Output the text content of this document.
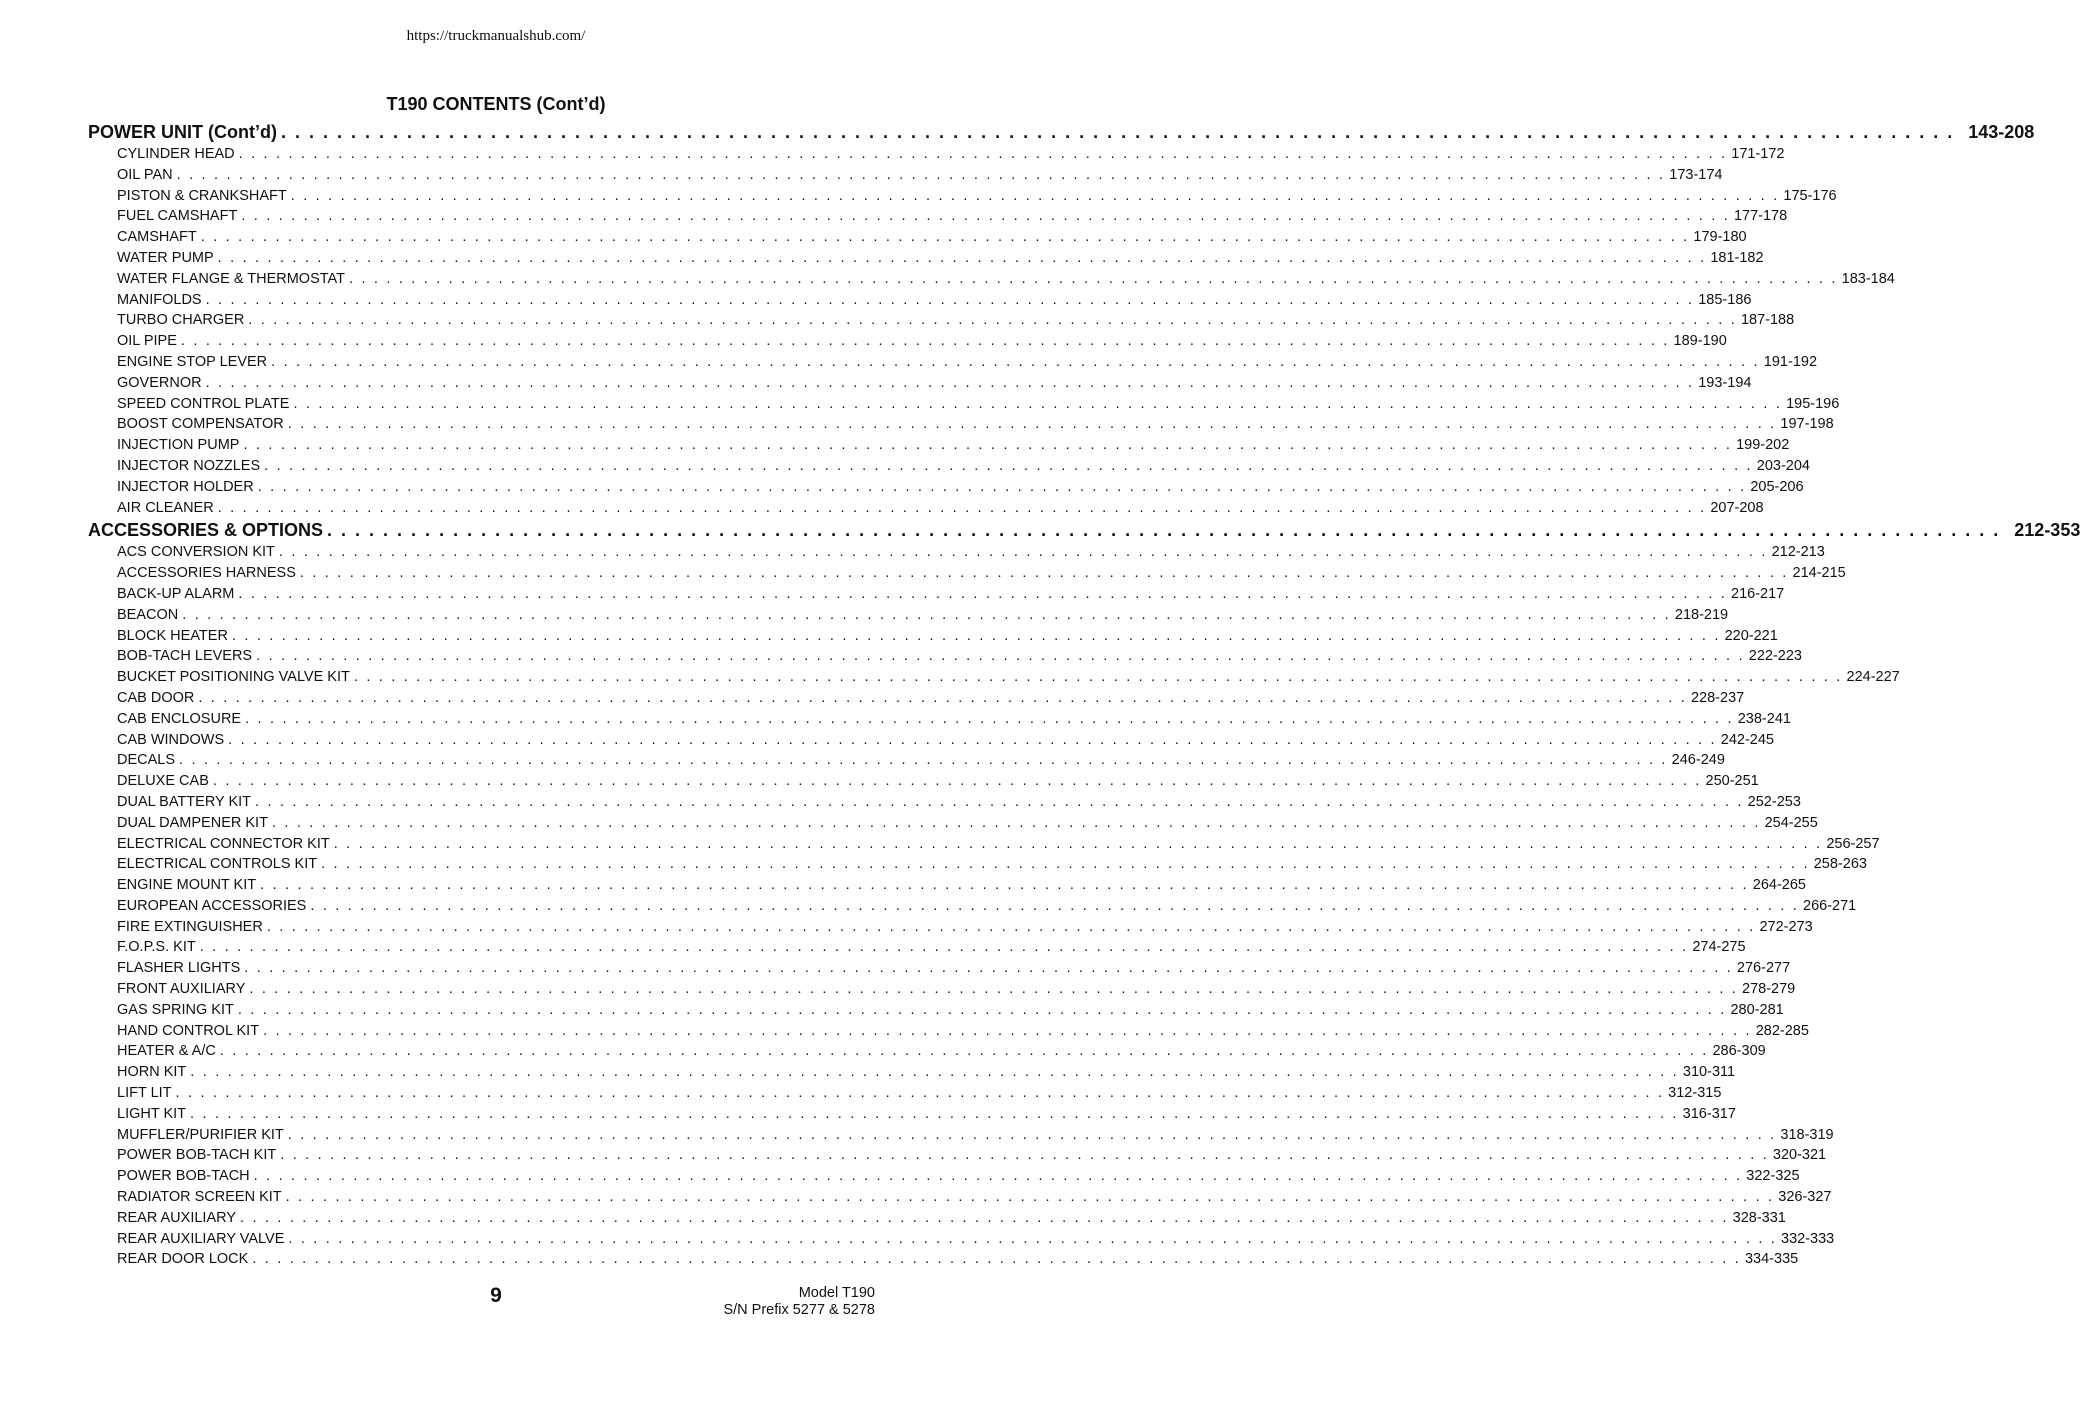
https://truckmanualshub.com/
T190 CONTENTS (Cont’d)
POWER UNIT (Cont’d) . . . . . . . . . . . . . . . . . . . . . . . . . . . . . . . . . . . . . . . . . . . . . . . . . . . . . . . . . . . . . . . . . . . . . . . . . . . . . . . . . . . . . . . . . . . . . . . . . . . . . . . . . . . . . . . . . . . . . . . . 143-208
CYLINDER HEAD . . . . . . . . . . . . . . . . . . . . . . . . . . . . . . . . . . . . . . . . . . . . . . . . . . . . . . . . . . . . . . . . . . . . . . . . . . . . . . . . . . . . . . . . . . . . . . . . . . . . . . . . . . . . . . . . . . . . . . . . 171-172
OIL PAN . . . . . . . . . . . . . . . . . . . . . . . . . . . . . . . . . . . . . . . . . . . . . . . . . . . . . . . . . . . . . . . . . . . . . . . . . . . . . . . . . . . . . . . . . . . . . . . . . . . . . . . . . . . . . . . . . . . . . . . . 173-174
PISTON & CRANKSHAFT . . . . . . . . . . . . . . . . . . . . . . . . . . . . . . . . . . . . . . . . . . . . . . . . . . . . . . . . . . . . . . . . . . . . . . . . . . . . . . . . . . . . . . . . . . . . . . . . . . . . . . . . . . . . . . . . . . . . . . . . 175-176
FUEL CAMSHAFT . . . . . . . . . . . . . . . . . . . . . . . . . . . . . . . . . . . . . . . . . . . . . . . . . . . . . . . . . . . . . . . . . . . . . . . . . . . . . . . . . . . . . . . . . . . . . . . . . . . . . . . . . . . . . . . . . . . . . . . . 177-178
CAMSHAFT . . . . . . . . . . . . . . . . . . . . . . . . . . . . . . . . . . . . . . . . . . . . . . . . . . . . . . . . . . . . . . . . . . . . . . . . . . . . . . . . . . . . . . . . . . . . . . . . . . . . . . . . . . . . . . . . . . . . . . . . 179-180
WATER PUMP . . . . . . . . . . . . . . . . . . . . . . . . . . . . . . . . . . . . . . . . . . . . . . . . . . . . . . . . . . . . . . . . . . . . . . . . . . . . . . . . . . . . . . . . . . . . . . . . . . . . . . . . . . . . . . . . . . . . . . . . 181-182
WATER FLANGE & THERMOSTAT . . . . . . . . . . . . . . . . . . . . . . . . . . . . . . . . . . . . . . . . . . . . . . . . . . . . . . . . . . . . . . . . . . . . . . . . . . . . . . . . . . . . . . . . . . . . . . . . . . . . . . . . . . . . . . . . . . . . . . . . 183-184
MANIFOLDS . . . . . . . . . . . . . . . . . . . . . . . . . . . . . . . . . . . . . . . . . . . . . . . . . . . . . . . . . . . . . . . . . . . . . . . . . . . . . . . . . . . . . . . . . . . . . . . . . . . . . . . . . . . . . . . . . . . . . . . . 185-186
TURBO CHARGER . . . . . . . . . . . . . . . . . . . . . . . . . . . . . . . . . . . . . . . . . . . . . . . . . . . . . . . . . . . . . . . . . . . . . . . . . . . . . . . . . . . . . . . . . . . . . . . . . . . . . . . . . . . . . . . . . . . . . . . . 187-188
OIL PIPE . . . . . . . . . . . . . . . . . . . . . . . . . . . . . . . . . . . . . . . . . . . . . . . . . . . . . . . . . . . . . . . . . . . . . . . . . . . . . . . . . . . . . . . . . . . . . . . . . . . . . . . . . . . . . . . . . . . . . . . . 189-190
ENGINE STOP LEVER . . . . . . . . . . . . . . . . . . . . . . . . . . . . . . . . . . . . . . . . . . . . . . . . . . . . . . . . . . . . . . . . . . . . . . . . . . . . . . . . . . . . . . . . . . . . . . . . . . . . . . . . . . . . . . . . . . . . . . . . 191-192
GOVERNOR . . . . . . . . . . . . . . . . . . . . . . . . . . . . . . . . . . . . . . . . . . . . . . . . . . . . . . . . . . . . . . . . . . . . . . . . . . . . . . . . . . . . . . . . . . . . . . . . . . . . . . . . . . . . . . . . . . . . . . . . 193-194
SPEED CONTROL PLATE . . . . . . . . . . . . . . . . . . . . . . . . . . . . . . . . . . . . . . . . . . . . . . . . . . . . . . . . . . . . . . . . . . . . . . . . . . . . . . . . . . . . . . . . . . . . . . . . . . . . . . . . . . . . . . . . . . . . . . . . 195-196
BOOST COMPENSATOR . . . . . . . . . . . . . . . . . . . . . . . . . . . . . . . . . . . . . . . . . . . . . . . . . . . . . . . . . . . . . . . . . . . . . . . . . . . . . . . . . . . . . . . . . . . . . . . . . . . . . . . . . . . . . . . . . . . . . . . . 197-198
INJECTION PUMP . . . . . . . . . . . . . . . . . . . . . . . . . . . . . . . . . . . . . . . . . . . . . . . . . . . . . . . . . . . . . . . . . . . . . . . . . . . . . . . . . . . . . . . . . . . . . . . . . . . . . . . . . . . . . . . . . . . . . . . . 199-202
INJECTOR NOZZLES . . . . . . . . . . . . . . . . . . . . . . . . . . . . . . . . . . . . . . . . . . . . . . . . . . . . . . . . . . . . . . . . . . . . . . . . . . . . . . . . . . . . . . . . . . . . . . . . . . . . . . . . . . . . . . . . . . . . . . . . 203-204
INJECTOR HOLDER . . . . . . . . . . . . . . . . . . . . . . . . . . . . . . . . . . . . . . . . . . . . . . . . . . . . . . . . . . . . . . . . . . . . . . . . . . . . . . . . . . . . . . . . . . . . . . . . . . . . . . . . . . . . . . . . . . . . . . . . 205-206
AIR CLEANER . . . . . . . . . . . . . . . . . . . . . . . . . . . . . . . . . . . . . . . . . . . . . . . . . . . . . . . . . . . . . . . . . . . . . . . . . . . . . . . . . . . . . . . . . . . . . . . . . . . . . . . . . . . . . . . . . . . . . . . . 207-208
ACCESSORIES & OPTIONS . . . . . . . . . . . . . . . . . . . . . . . . . . . . . . . . . . . . . . . . . . . . . . . . . . . . . . . . . . . . . . . . . . . . . . . . . . . . . . . . . . . . . . . . . . . . . . . . . . . . . . . . . . . . . . . . . . . . . . . . 212-353
ACS CONVERSION KIT . . . . . . . . . . . . . . . . . . . . . . . . . . . . . . . . . . . . . . . . . . . . . . . . . . . . . . . . . . . . . . . . . . . . . . . . . . . . . . . . . . . . . . . . . . . . . . . . . . . . . . . . . . . . . . . . . . . . . . . . 212-213
ACCESSORIES HARNESS . . . . . . . . . . . . . . . . . . . . . . . . . . . . . . . . . . . . . . . . . . . . . . . . . . . . . . . . . . . . . . . . . . . . . . . . . . . . . . . . . . . . . . . . . . . . . . . . . . . . . . . . . . . . . . . . . . . . . . . . 214-215
BACK-UP ALARM . . . . . . . . . . . . . . . . . . . . . . . . . . . . . . . . . . . . . . . . . . . . . . . . . . . . . . . . . . . . . . . . . . . . . . . . . . . . . . . . . . . . . . . . . . . . . . . . . . . . . . . . . . . . . . . . . . . . . . . . 216-217
BEACON . . . . . . . . . . . . . . . . . . . . . . . . . . . . . . . . . . . . . . . . . . . . . . . . . . . . . . . . . . . . . . . . . . . . . . . . . . . . . . . . . . . . . . . . . . . . . . . . . . . . . . . . . . . . . . . . . . . . . . . . 218-219
BLOCK HEATER . . . . . . . . . . . . . . . . . . . . . . . . . . . . . . . . . . . . . . . . . . . . . . . . . . . . . . . . . . . . . . . . . . . . . . . . . . . . . . . . . . . . . . . . . . . . . . . . . . . . . . . . . . . . . . . . . . . . . . . . 220-221
BOB-TACH LEVERS . . . . . . . . . . . . . . . . . . . . . . . . . . . . . . . . . . . . . . . . . . . . . . . . . . . . . . . . . . . . . . . . . . . . . . . . . . . . . . . . . . . . . . . . . . . . . . . . . . . . . . . . . . . . . . . . . . . . . . . . 222-223
BUCKET POSITIONING VALVE KIT . . . . . . . . . . . . . . . . . . . . . . . . . . . . . . . . . . . . . . . . . . . . . . . . . . . . . . . . . . . . . . . . . . . . . . . . . . . . . . . . . . . . . . . . . . . . . . . . . . . . . . . . . . . . . . . . . . . . . . . . 224-227
CAB DOOR . . . . . . . . . . . . . . . . . . . . . . . . . . . . . . . . . . . . . . . . . . . . . . . . . . . . . . . . . . . . . . . . . . . . . . . . . . . . . . . . . . . . . . . . . . . . . . . . . . . . . . . . . . . . . . . . . . . . . . . . 228-237
CAB ENCLOSURE . . . . . . . . . . . . . . . . . . . . . . . . . . . . . . . . . . . . . . . . . . . . . . . . . . . . . . . . . . . . . . . . . . . . . . . . . . . . . . . . . . . . . . . . . . . . . . . . . . . . . . . . . . . . . . . . . . . . . . . . 238-241
CAB WINDOWS . . . . . . . . . . . . . . . . . . . . . . . . . . . . . . . . . . . . . . . . . . . . . . . . . . . . . . . . . . . . . . . . . . . . . . . . . . . . . . . . . . . . . . . . . . . . . . . . . . . . . . . . . . . . . . . . . . . . . . . . 242-245
DECALS . . . . . . . . . . . . . . . . . . . . . . . . . . . . . . . . . . . . . . . . . . . . . . . . . . . . . . . . . . . . . . . . . . . . . . . . . . . . . . . . . . . . . . . . . . . . . . . . . . . . . . . . . . . . . . . . . . . . . . . . 246-249
DELUXE CAB . . . . . . . . . . . . . . . . . . . . . . . . . . . . . . . . . . . . . . . . . . . . . . . . . . . . . . . . . . . . . . . . . . . . . . . . . . . . . . . . . . . . . . . . . . . . . . . . . . . . . . . . . . . . . . . . . . . . . . . . 250-251
DUAL BATTERY KIT . . . . . . . . . . . . . . . . . . . . . . . . . . . . . . . . . . . . . . . . . . . . . . . . . . . . . . . . . . . . . . . . . . . . . . . . . . . . . . . . . . . . . . . . . . . . . . . . . . . . . . . . . . . . . . . . . . . . . . . . 252-253
DUAL DAMPENER KIT . . . . . . . . . . . . . . . . . . . . . . . . . . . . . . . . . . . . . . . . . . . . . . . . . . . . . . . . . . . . . . . . . . . . . . . . . . . . . . . . . . . . . . . . . . . . . . . . . . . . . . . . . . . . . . . . . . . . . . . . 254-255
ELECTRICAL CONNECTOR KIT . . . . . . . . . . . . . . . . . . . . . . . . . . . . . . . . . . . . . . . . . . . . . . . . . . . . . . . . . . . . . . . . . . . . . . . . . . . . . . . . . . . . . . . . . . . . . . . . . . . . . . . . . . . . . . . . . . . . . . . . 256-257
ELECTRICAL CONTROLS KIT . . . . . . . . . . . . . . . . . . . . . . . . . . . . . . . . . . . . . . . . . . . . . . . . . . . . . . . . . . . . . . . . . . . . . . . . . . . . . . . . . . . . . . . . . . . . . . . . . . . . . . . . . . . . . . . . . . . . . . . . 258-263
ENGINE MOUNT KIT . . . . . . . . . . . . . . . . . . . . . . . . . . . . . . . . . . . . . . . . . . . . . . . . . . . . . . . . . . . . . . . . . . . . . . . . . . . . . . . . . . . . . . . . . . . . . . . . . . . . . . . . . . . . . . . . . . . . . . . . 264-265
EUROPEAN ACCESSORIES . . . . . . . . . . . . . . . . . . . . . . . . . . . . . . . . . . . . . . . . . . . . . . . . . . . . . . . . . . . . . . . . . . . . . . . . . . . . . . . . . . . . . . . . . . . . . . . . . . . . . . . . . . . . . . . . . . . . . . . . 266-271
FIRE EXTINGUISHER . . . . . . . . . . . . . . . . . . . . . . . . . . . . . . . . . . . . . . . . . . . . . . . . . . . . . . . . . . . . . . . . . . . . . . . . . . . . . . . . . . . . . . . . . . . . . . . . . . . . . . . . . . . . . . . . . . . . . . . . 272-273
F.O.P.S. KIT . . . . . . . . . . . . . . . . . . . . . . . . . . . . . . . . . . . . . . . . . . . . . . . . . . . . . . . . . . . . . . . . . . . . . . . . . . . . . . . . . . . . . . . . . . . . . . . . . . . . . . . . . . . . . . . . . . . . . . . . 274-275
FLASHER LIGHTS . . . . . . . . . . . . . . . . . . . . . . . . . . . . . . . . . . . . . . . . . . . . . . . . . . . . . . . . . . . . . . . . . . . . . . . . . . . . . . . . . . . . . . . . . . . . . . . . . . . . . . . . . . . . . . . . . . . . . . . . 276-277
FRONT AUXILIARY . . . . . . . . . . . . . . . . . . . . . . . . . . . . . . . . . . . . . . . . . . . . . . . . . . . . . . . . . . . . . . . . . . . . . . . . . . . . . . . . . . . . . . . . . . . . . . . . . . . . . . . . . . . . . . . . . . . . . . . . 278-279
GAS SPRING KIT . . . . . . . . . . . . . . . . . . . . . . . . . . . . . . . . . . . . . . . . . . . . . . . . . . . . . . . . . . . . . . . . . . . . . . . . . . . . . . . . . . . . . . . . . . . . . . . . . . . . . . . . . . . . . . . . . . . . . . . . 280-281
HAND CONTROL KIT . . . . . . . . . . . . . . . . . . . . . . . . . . . . . . . . . . . . . . . . . . . . . . . . . . . . . . . . . . . . . . . . . . . . . . . . . . . . . . . . . . . . . . . . . . . . . . . . . . . . . . . . . . . . . . . . . . . . . . . . 282-285
HEATER & A/C . . . . . . . . . . . . . . . . . . . . . . . . . . . . . . . . . . . . . . . . . . . . . . . . . . . . . . . . . . . . . . . . . . . . . . . . . . . . . . . . . . . . . . . . . . . . . . . . . . . . . . . . . . . . . . . . . . . . . . . . 286-309
HORN KIT . . . . . . . . . . . . . . . . . . . . . . . . . . . . . . . . . . . . . . . . . . . . . . . . . . . . . . . . . . . . . . . . . . . . . . . . . . . . . . . . . . . . . . . . . . . . . . . . . . . . . . . . . . . . . . . . . . . . . . . . 310-311
LIFT LIT . . . . . . . . . . . . . . . . . . . . . . . . . . . . . . . . . . . . . . . . . . . . . . . . . . . . . . . . . . . . . . . . . . . . . . . . . . . . . . . . . . . . . . . . . . . . . . . . . . . . . . . . . . . . . . . . . . . . . . . . 312-315
LIGHT KIT . . . . . . . . . . . . . . . . . . . . . . . . . . . . . . . . . . . . . . . . . . . . . . . . . . . . . . . . . . . . . . . . . . . . . . . . . . . . . . . . . . . . . . . . . . . . . . . . . . . . . . . . . . . . . . . . . . . . . . . . 316-317
MUFFLER/PURIFIER KIT . . . . . . . . . . . . . . . . . . . . . . . . . . . . . . . . . . . . . . . . . . . . . . . . . . . . . . . . . . . . . . . . . . . . . . . . . . . . . . . . . . . . . . . . . . . . . . . . . . . . . . . . . . . . . . . . . . . . . . . . 318-319
POWER BOB-TACH KIT . . . . . . . . . . . . . . . . . . . . . . . . . . . . . . . . . . . . . . . . . . . . . . . . . . . . . . . . . . . . . . . . . . . . . . . . . . . . . . . . . . . . . . . . . . . . . . . . . . . . . . . . . . . . . . . . . . . . . . . . 320-321
POWER BOB-TACH . . . . . . . . . . . . . . . . . . . . . . . . . . . . . . . . . . . . . . . . . . . . . . . . . . . . . . . . . . . . . . . . . . . . . . . . . . . . . . . . . . . . . . . . . . . . . . . . . . . . . . . . . . . . . . . . . . . . . . . . 322-325
RADIATOR SCREEN KIT . . . . . . . . . . . . . . . . . . . . . . . . . . . . . . . . . . . . . . . . . . . . . . . . . . . . . . . . . . . . . . . . . . . . . . . . . . . . . . . . . . . . . . . . . . . . . . . . . . . . . . . . . . . . . . . . . . . . . . . . 326-327
REAR AUXILIARY . . . . . . . . . . . . . . . . . . . . . . . . . . . . . . . . . . . . . . . . . . . . . . . . . . . . . . . . . . . . . . . . . . . . . . . . . . . . . . . . . . . . . . . . . . . . . . . . . . . . . . . . . . . . . . . . . . . . . . . . 328-331
REAR AUXILIARY VALVE . . . . . . . . . . . . . . . . . . . . . . . . . . . . . . . . . . . . . . . . . . . . . . . . . . . . . . . . . . . . . . . . . . . . . . . . . . . . . . . . . . . . . . . . . . . . . . . . . . . . . . . . . . . . . . . . . . . . . . . . 332-333
REAR DOOR LOCK . . . . . . . . . . . . . . . . . . . . . . . . . . . . . . . . . . . . . . . . . . . . . . . . . . . . . . . . . . . . . . . . . . . . . . . . . . . . . . . . . . . . . . . . . . . . . . . . . . . . . . . . . . . . . . . . . . . . . . . . 334-335
9	Model T190
S/N Prefix 5277 & 5278
